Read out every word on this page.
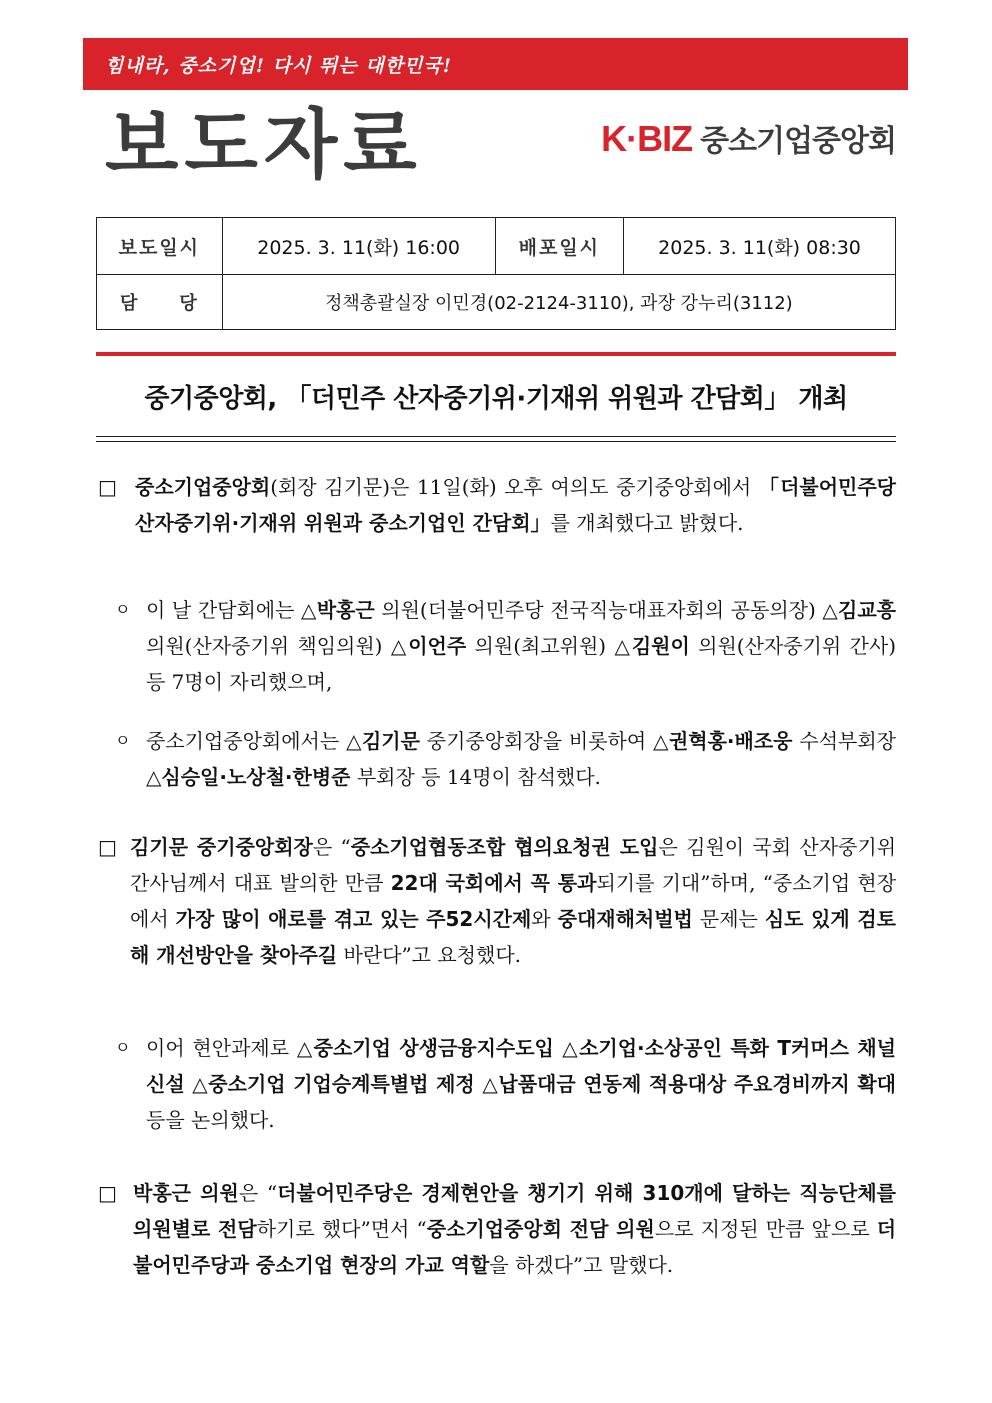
힘내라, 중소기업! 다시 뛰는 대한민국!
보도자료	K·BIZ 중소기업중앙회
보도일시	2025. 3. 11(화) 16:00	배포일시	2025. 3. 11(화) 08:30
담　　당	정책총괄실장 이민경(02-2124-3110), 과장 강누리(3112)		
중기중앙회, 「더민주 산자중기위·기재위 위원과 간담회」 개최
□ 중소기업중앙회(회장 김기문)은 11일(화) 오후 여의도 중기중앙회에서 「더불어민주당 산자중기위·기재위 위원과 중소기업인 간담회」를 개최했다고 밝혔다.
ㅇ 이 날 간담회에는 △박홍근 의원(더불어민주당 전국직능대표자회의 공동의장) △김교흥 의원(산자중기위 책임의원) △이언주 의원(최고위원) △김원이 의원(산자중기위 간사) 등 7명이 자리했으며,
ㅇ 중소기업중앙회에서는 △김기문 중기중앙회장을 비롯하여 △권혁홍·배조웅 수석부회장 △심승일·노상철·한병준 부회장 등 14명이 참석했다.
□ 김기문 중기중앙회장은 “중소기업협동조합 협의요청권 도입은 김원이 국회 산자중기위 간사님께서 대표 발의한 만큼 22대 국회에서 꼭 통과되기를 기대”하며, “중소기업 현장에서 가장 많이 애로를 겪고 있는 주52시간제와 중대재해처벌법 문제는 심도 있게 검토해 개선방안을 찾아주길 바란다”고 요청했다.
ㅇ 이어 현안과제로 △중소기업 상생금융지수도입 △소기업·소상공인 특화 T커머스 채널 신설 △중소기업 기업승계특별법 제정 △납품대금 연동제 적용대상 주요경비까지 확대 등을 논의했다.
□ 박홍근 의원은 “더불어민주당은 경제현안을 챙기기 위해 310개에 달하는 직능단체를 의원별로 전담하기로 했다”면서 “중소기업중앙회 전담 의원으로 지정된 만큼 앞으로 더불어민주당과 중소기업 현장의 가교 역할을 하겠다”고 말했다.
